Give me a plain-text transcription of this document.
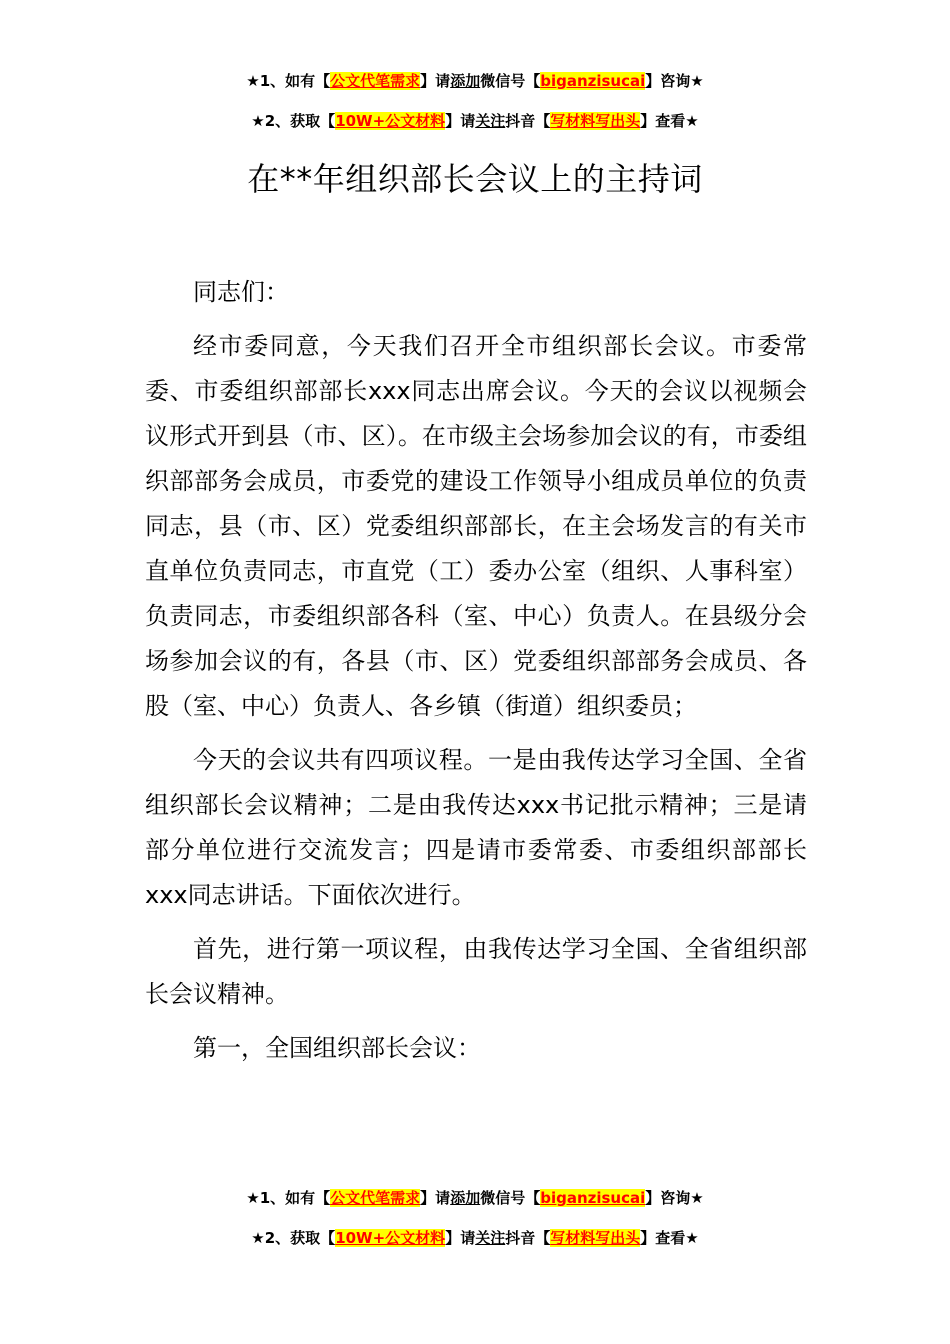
★1、如有【公文代笔需求】请添加微信号【biganzisucai】咨询★
★2、获取【10W+公文材料】请关注抖音【写材料写出头】查看★
在**年组织部长会议上的主持词

同志们：

经市委同意，今天我们召开全市组织部长会议。市委常委、市委组织部部长xxx同志出席会议。今天的会议以视频会议形式开到县（市、区）。在市级主会场参加会议的有，市委组织部部务会成员，市委党的建设工作领导小组成员单位的负责同志，县（市、区）党委组织部部长，在主会场发言的有关市直单位负责同志，市直党（工）委办公室（组织、人事科室）负责同志，市委组织部各科（室、中心）负责人。在县级分会场参加会议的有，各县（市、区）党委组织部部务会成员、各股（室、中心）负责人、各乡镇（街道）组织委员；

今天的会议共有四项议程。一是由我传达学习全国、全省组织部长会议精神；二是由我传达xxx书记批示精神；三是请部分单位进行交流发言；四是请市委常委、市委组织部部长xxx同志讲话。下面依次进行。

首先，进行第一项议程，由我传达学习全国、全省组织部长会议精神。

第一，全国组织部长会议：

★1、如有【公文代笔需求】请添加微信号【biganzisucai】咨询★
★2、获取【10W+公文材料】请关注抖音【写材料写出头】查看★
